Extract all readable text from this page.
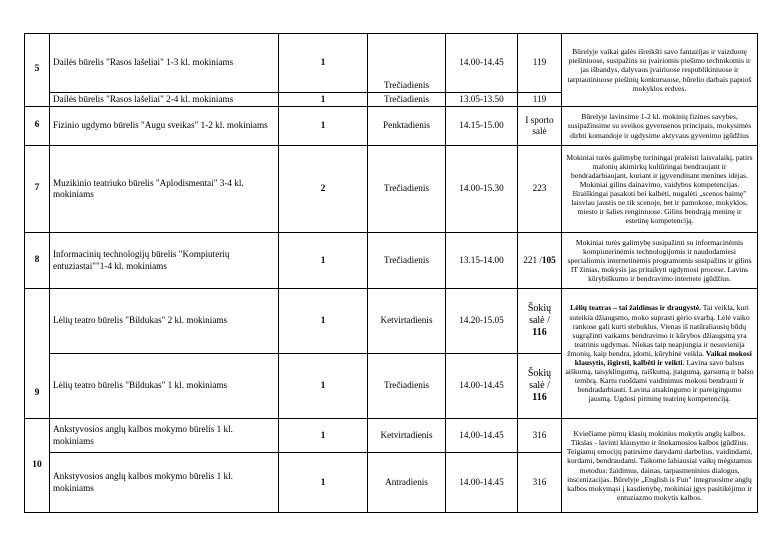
5	Dailės būrelis "Rasos lašeliai" 1-3 kl. mokiniams	1	Trečiadienis	14.00-14.45	119	Būrelyje vaikai galės išreikšti savo fantazijas ir vaizduotę piešiniuose, susipažins su įvairiomis piešimo technikomis ir jas išbandys, dalyvaus įvairiuose respublikiniuose ir tarptautiniuose piešinių konkursuose, būrelio darbais papuoš mokyklos erdves.
	Dailės būrelis "Rasos lašeliai" 2-4 kl. mokiniams	1	Trečiadienis	13.05-13.50	119	
6	Fizinio ugdymo būrelis "Augu sveikas" 1-2 kl. mokiniams	1	Penktadienis	14.15-15.00	I sporto salė	Būrelyje lavinsime 1-2 kl. mokinių fizines savybes, susipažinsime su sveikos gyvensenos principais, mokysimės dirbti komandoje ir ugdysime aktyvaus gyvenimo įgūdžius
7	Muzikinio teatriuko būrelis "Aplodismentai" 3-4 kl. mokiniams	2	Trečiadienis	14.00-15.30	223	Mokiniai turės galimybę turiningai praleisti laisvalaikį, patirs malonių akimirkų kultūringai bendraujant ir bendradarbiaujant, kuriant ir įgyvendinant menines idėjas. Mokiniai gilins dainavimo, vaidybos kompetencijas. Išraiškingai pasakoti bei kalbėti, nugalėti „scenos baimę" laisviau jaustis ne tik scenoje, bet ir pamokose, mokyklos, miesto ir šalies renginiuose. Gilins bendrąją meninę ir estetinę kompetenciją.
8	Informacinių technologijų būrelis "Kompiuterių entuziastai""1-4 kl. mokiniams	1	Trečiadienis	13.15-14.00	221 /105	Mokiniai turės galimybę susipažinti su informacinėmis kompiuterinėmis technologijomis ir naudodamiesi specialiomis internetinėmis programomis susipažins ir gilins IT žinias, mokysis jas pritaikyti ugdymosi procese. Lavins kūrybiškumo ir bendravimo internete įgūdžius.
9	Lėlių teatro būrelis "Bildukas" 2 kl. mokiniams	1	Ketvirtadienis	14.20-15.05	Šokių salė / 116	Lėlių teatras – tai žaidimas ir draugystė. Tai veikla, kuri suteikia džiaugsmo, moko suprasti gėrio svarbą. Lėlė vaiko rankose gali kurti stebuklus. Vienas iš natūraliausių būdų sugrąžinti vaikams bendravimo ir kūrybos džiaugsmą yra teatrinis ugdymas. Niekas taip neapjungia ir nesuvienija žmonių, kaip bendra, įdomi, kūrybinė veikla. Vaikai mokosi klausytis, išgirsti, kalbėti ir veikti. Lavina savo balsus aiškumą, taisyklingumą, raiškumą, įtaigumą, garsumą ir balso tembrą. Kartu ruošdami vaidinimus mokosi bendrauti ir bendradarbiauti. Lavina atsakingumo ir pareigingumo jausmą. Ugdosi pirminę teatrinę kompetenciją.
	Lėlių teatro būrelis "Bildukas" 1 kl. mokiniams	1	Trečiadienis	14.00-14.45	Šokių salė / 116	
10	Ankstyvosios anglų kalbos mokymo būrelis 1 kl. mokiniams	1	Ketvirtadienis	14.00-14.45	316	Kviečiame pirmų klasių mokinius mokytis anglų kalbos. Tikslas - lavinti klausymo ir šnekamosios kalbos įgūdžius. Teigiamų emocijų patirsime darydami darbelius, vaidindami, kurdami, bendraudami. Taikome labiausiai vaikų mėgstamus metodus: žaidimus, dainas, tarpasmeninius dialogus, inscenizacijas. Būrelyje „English is Fun" integruosime anglų kalbos mokymąsi į kasdienybę, mokiniai įgys pasitikėjimo ir entuziazmo mokytis kalbos.
	Ankstyvosios anglų kalbos mokymo būrelis 1 kl. mokiniams	1	Antradienis	14.00-14.45	316	
